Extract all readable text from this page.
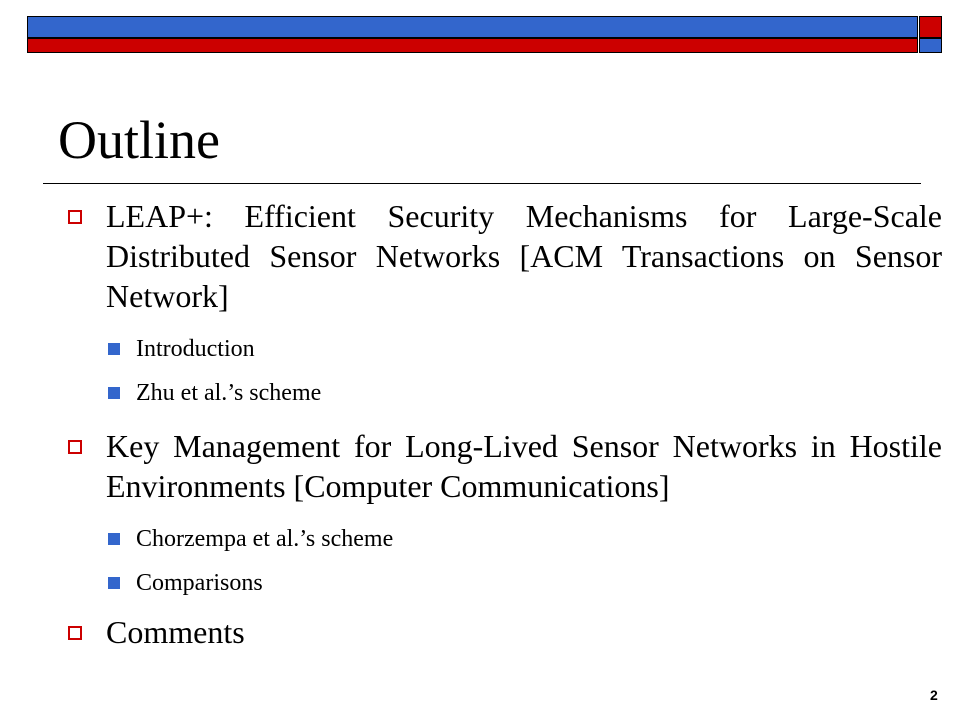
Outline

LEAP+: Efficient Security Mechanisms for Large-Scale Distributed Sensor Networks [ACM Transactions on Sensor Network]

Introduction

Zhu et al.’s scheme

Key Management for Long-Lived Sensor Networks in Hostile Environments [Computer Communications]

Chorzempa et al.’s scheme

Comparisons

Comments

2
